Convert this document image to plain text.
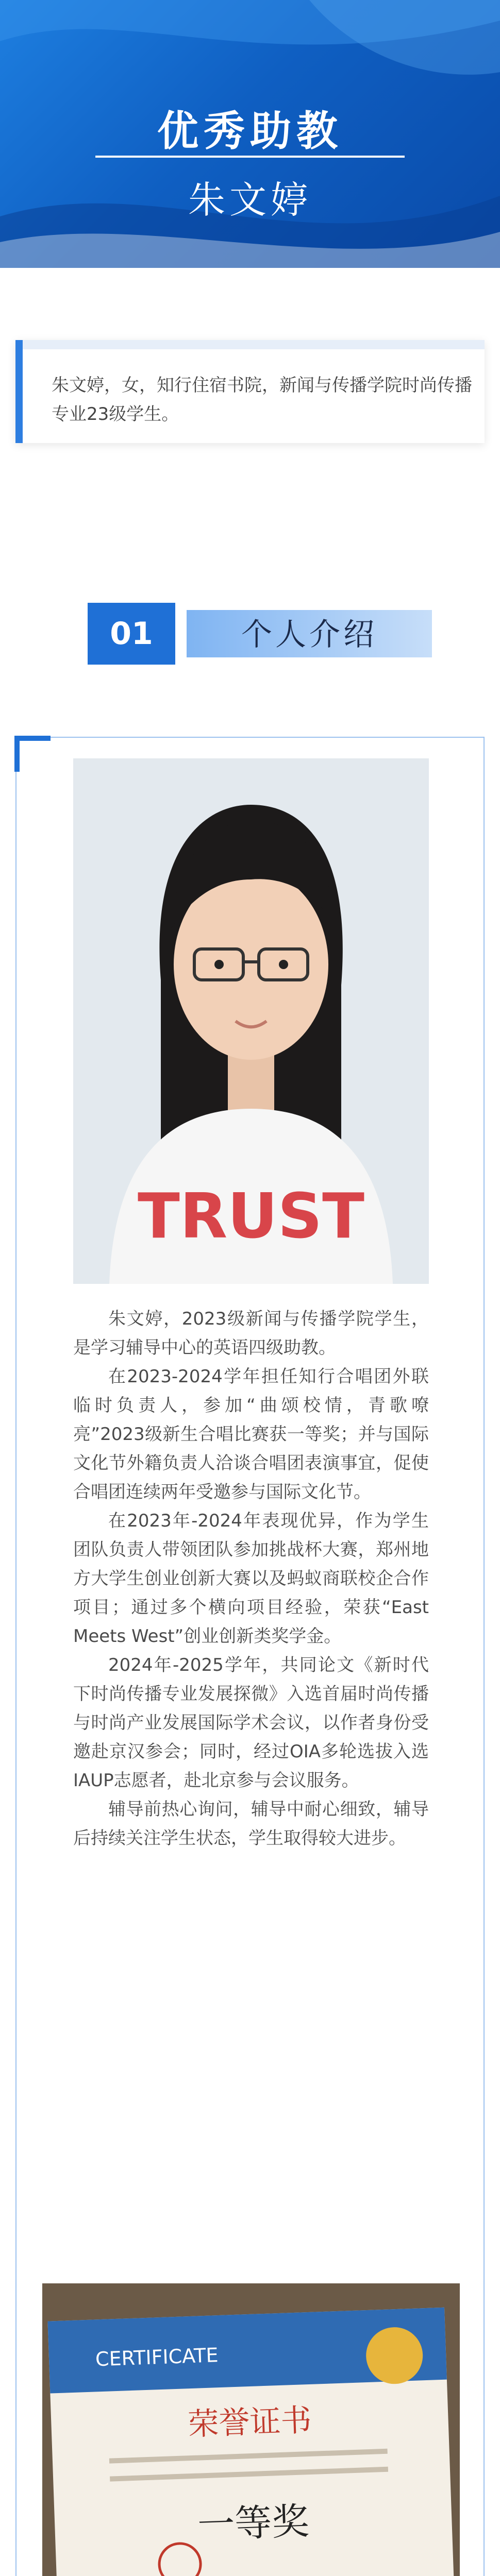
优秀助教
朱文婷
朱文婷，女，知行住宿书院，新闻与传播学院时尚传播专业23级学生。
01	个人介绍
TRUST

朱文婷，2023级新闻与传播学院学生，是学习辅导中心的英语四级助教。

在2023-2024学年担任知行合唱团外联临时负责人，参加“曲颂校情，青歌嘹亮”2023级新生合唱比赛获一等奖；并与国际文化节外籍负责人洽谈合唱团表演事宜，促使合唱团连续两年受邀参与国际文化节。

在2023年-2024年表现优异，作为学生团队负责人带领团队参加挑战杯大赛，郑州地方大学生创业创新大赛以及蚂蚁商联校企合作项目；通过多个横向项目经验，荣获“East Meets West”创业创新类奖学金。

2024年-2025学年，共同论文《新时代下时尚传播专业发展探微》入选首届时尚传播与时尚产业发展国际学术会议，以作者身份受邀赴京汉参会；同时，经过OIA多轮选拔入选IAUP志愿者，赴北京参与会议服务。

辅导前热心询问，辅导中耐心细致，辅导后持续关注学生状态，学生取得较大进步。

CERTIFICATE
荣誉证书
一等奖
